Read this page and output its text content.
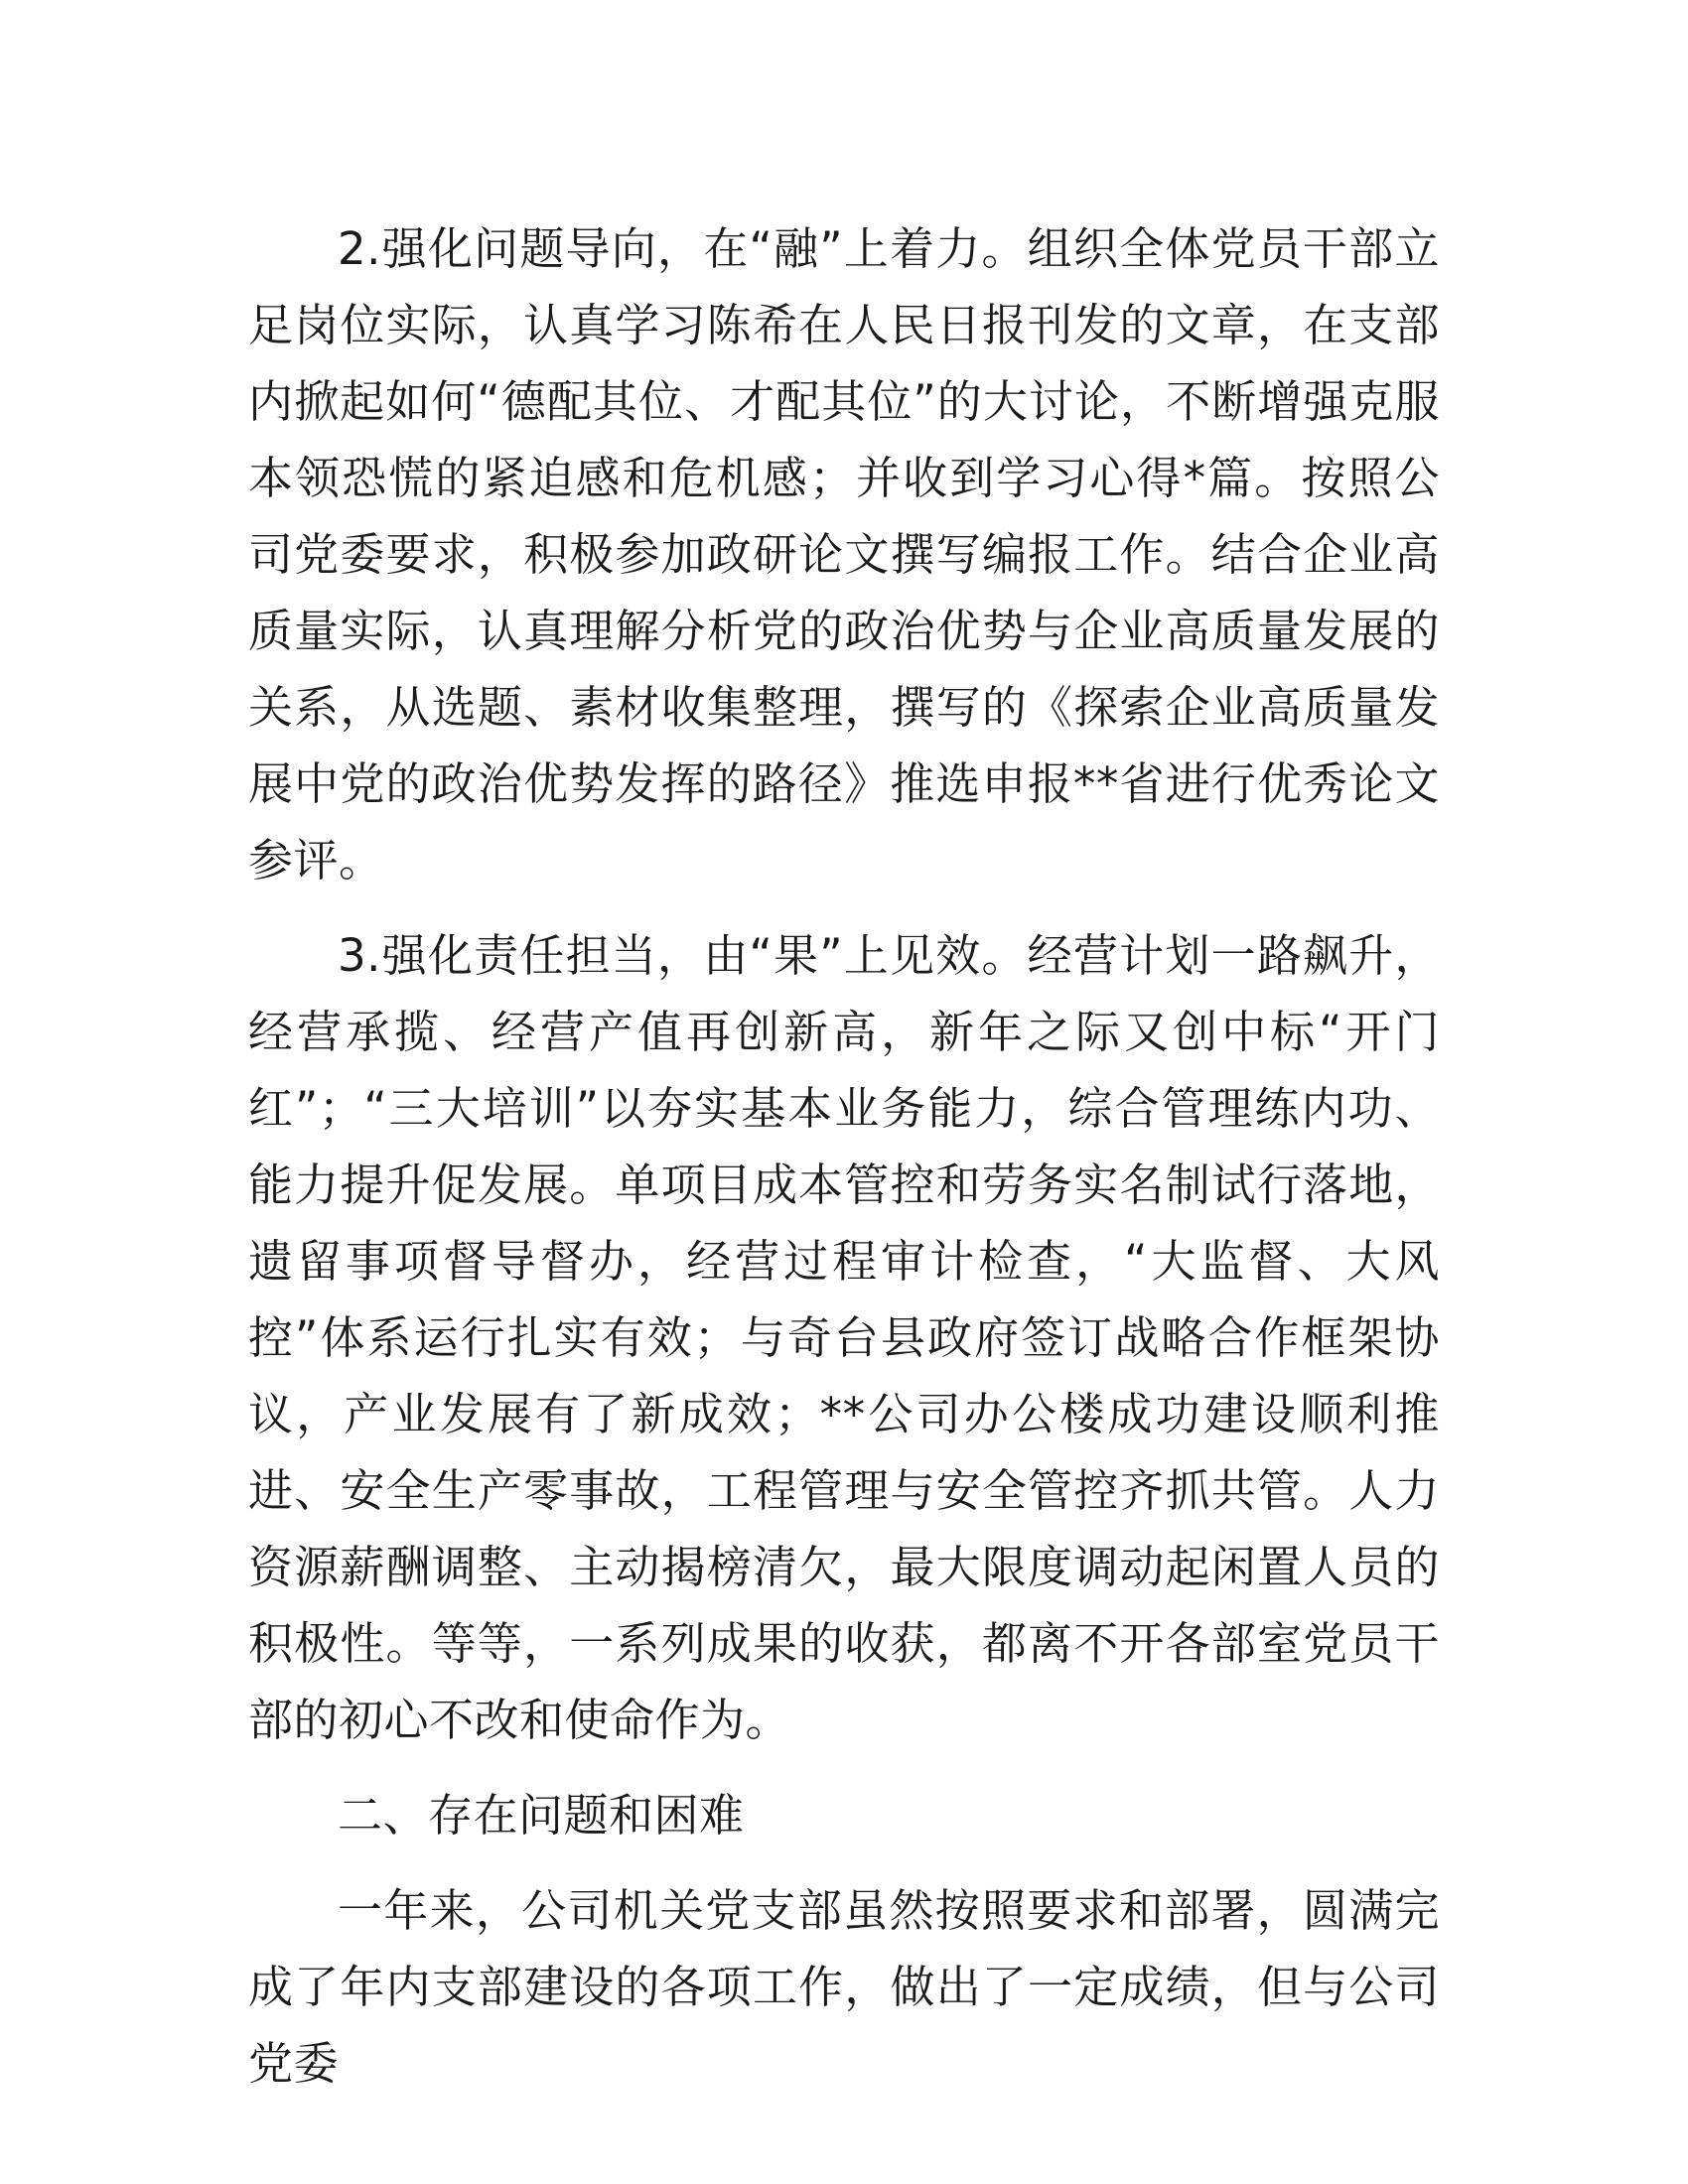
2.强化问题导向，在“融”上着力。组织全体党员干部立足岗位实际，认真学习陈希在人民日报刊发的文章，在支部内掀起如何“德配其位、才配其位”的大讨论，不断增强克服本领恐慌的紧迫感和危机感；并收到学习心得*篇。按照公司党委要求，积极参加政研论文撰写编报工作。结合企业高质量实际，认真理解分析党的政治优势与企业高质量发展的关系，从选题、素材收集整理，撰写的《探索企业高质量发展中党的政治优势发挥的路径》推选申报**省进行优秀论文参评。

3.强化责任担当，由“果”上见效。经营计划一路飙升，经营承揽、经营产值再创新高，新年之际又创中标“开门红”；“三大培训”以夯实基本业务能力，综合管理练内功、能力提升促发展。单项目成本管控和劳务实名制试行落地，遗留事项督导督办，经营过程审计检查，“大监督、大风控”体系运行扎实有效；与奇台县政府签订战略合作框架协议，产业发展有了新成效；**公司办公楼成功建设顺利推进、安全生产零事故，工程管理与安全管控齐抓共管。人力资源薪酬调整、主动揭榜清欠，最大限度调动起闲置人员的积极性。等等，一系列成果的收获，都离不开各部室党员干部的初心不改和使命作为。

二、存在问题和困难

一年来，公司机关党支部虽然按照要求和部署，圆满完成了年内支部建设的各项工作，做出了一定成绩，但与公司党委
